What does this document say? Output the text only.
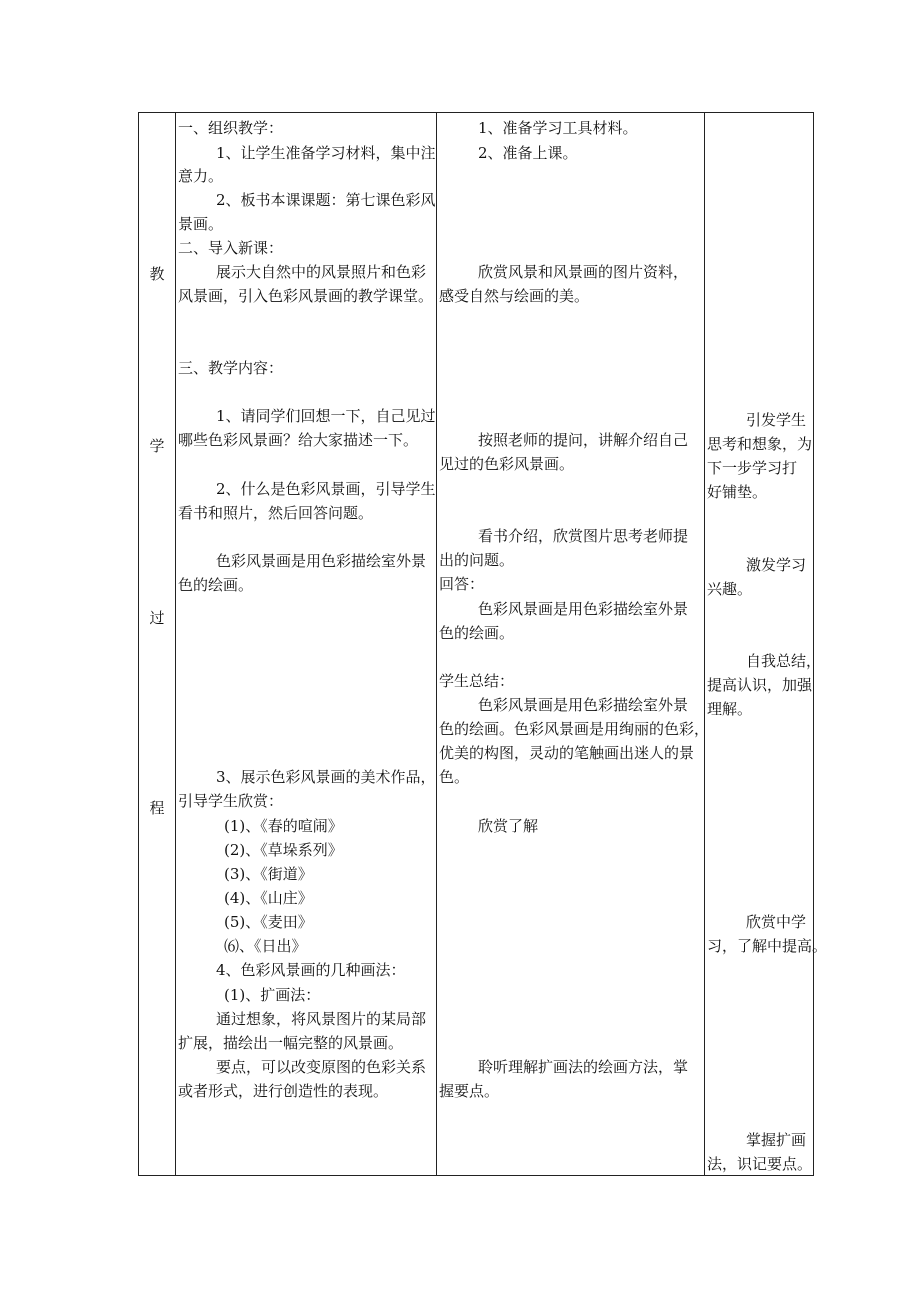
教
学
过
程
一、组织教学：
1、让学生准备学习材料，集中注
意力。
2、板书本课课题：第七课色彩风
景画。
二、导入新课：
展示大自然中的风景照片和色彩
风景画，引入色彩风景画的教学课堂。
三、教学内容：
1、请同学们回想一下，自己见过
哪些色彩风景画？给大家描述一下。
2、什么是色彩风景画，引导学生
看书和照片，然后回答问题。
色彩风景画是用色彩描绘室外景
色的绘画。
3、展示色彩风景画的美术作品，
引导学生欣赏：
(1)、《春的喧闹》
(2)、《草垛系列》
(3)、《街道》
(4)、《山庄》
(5)、《麦田》
⑹、《日出》
4、色彩风景画的几种画法：
(1)、扩画法：
通过想象，将风景图片的某局部
扩展，描绘出一幅完整的风景画。
要点，可以改变原图的色彩关系
或者形式，进行创造性的表现。
1、准备学习工具材料。
2、准备上课。
欣赏风景和风景画的图片资料，
感受自然与绘画的美。
按照老师的提问，讲解介绍自己
见过的色彩风景画。
看书介绍，欣赏图片思考老师提
出的问题。
回答：
色彩风景画是用色彩描绘室外景
色的绘画。
学生总结：
色彩风景画是用色彩描绘室外景
色的绘画。色彩风景画是用绚丽的色彩，
优美的构图，灵动的笔触画出迷人的景
色。
欣赏了解
聆听理解扩画法的绘画方法，掌
握要点。
引发学生
思考和想象，为
下一步学习打
好铺垫。
激发学习
兴趣。
自我总结，
提高认识，加强
理解。
欣赏中学
习，了解中提高。
掌握扩画
法，识记要点。
